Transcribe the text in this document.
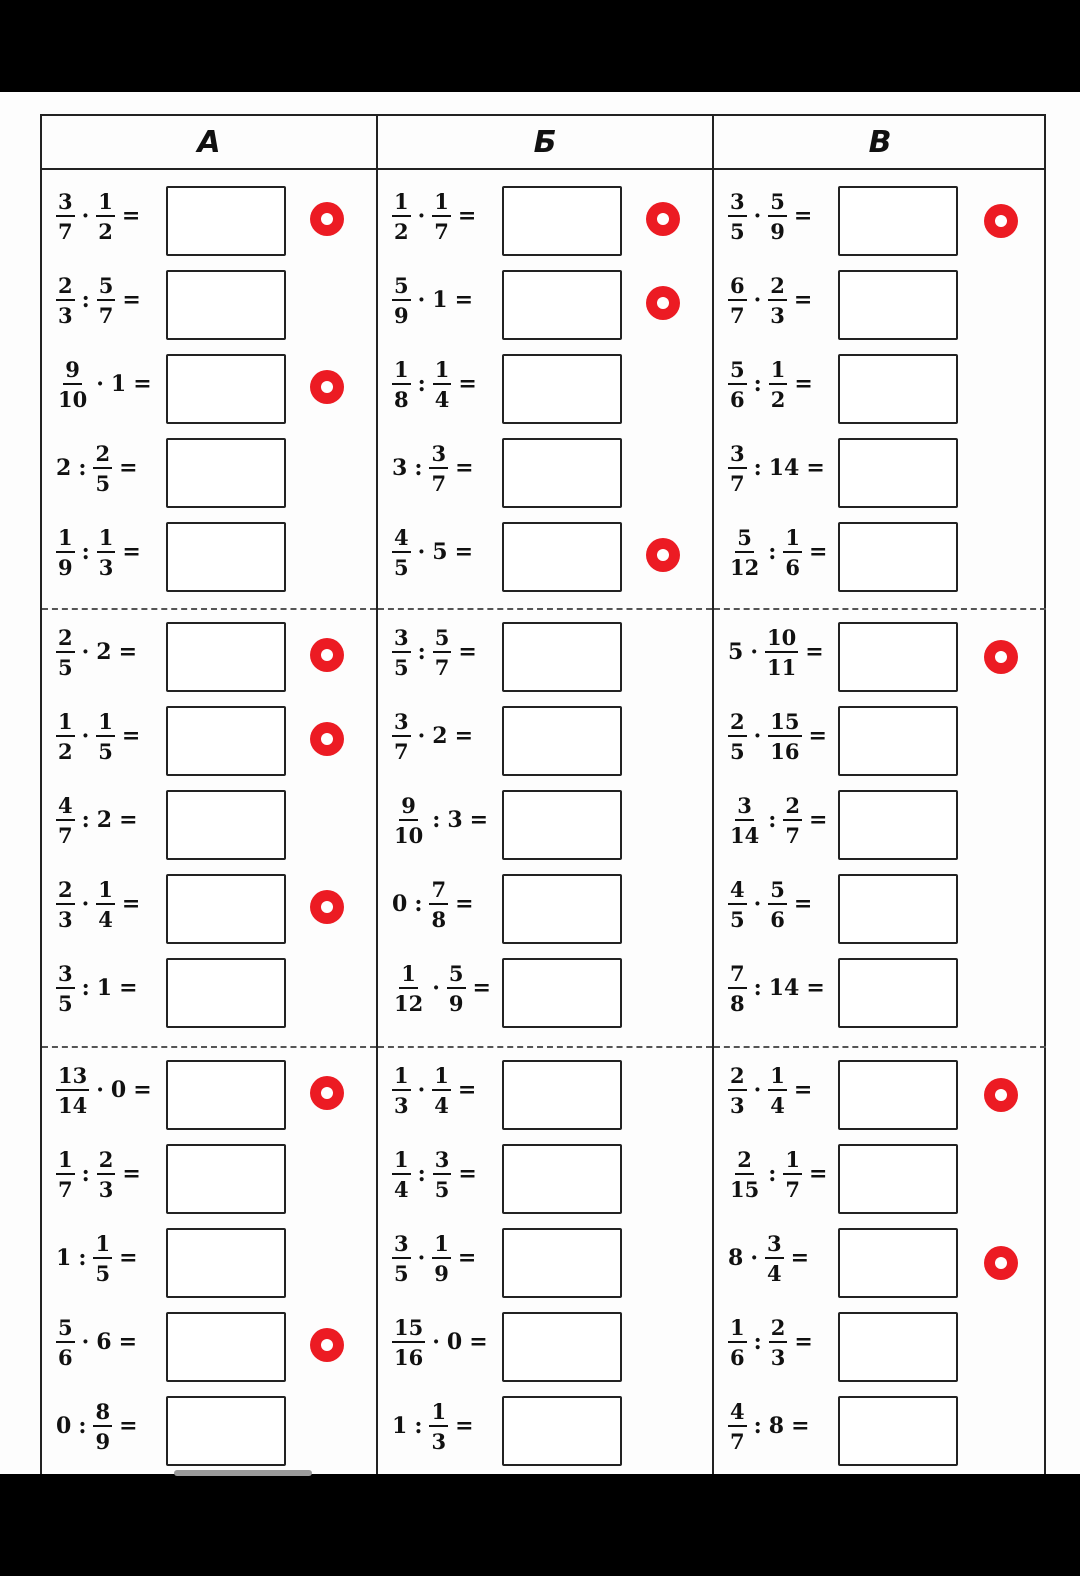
А
$\frac{3}{7} \cdot \frac{1}{2}$ =
$\frac{2}{3}$ : $\frac{5}{7}$ =
$\frac{9}{10} \cdot 1$ =
2 : $\frac{2}{5}$ =
$\frac{1}{9}$ : $\frac{1}{3}$ =
$\frac{2}{5} \cdot 2$ =
$\frac{1}{2} \cdot \frac{1}{5}$ =
$\frac{4}{7}$ : 2 =
$\frac{2}{3} \cdot \frac{1}{4}$ =
$\frac{3}{5}$ : 1 =
$\frac{13}{14} \cdot 0$ =
$\frac{1}{7}$ : $\frac{2}{3}$ =
1 : $\frac{1}{5}$ =
$\frac{5}{6} \cdot 6$ =
0 : $\frac{8}{9}$ =
Б
$\frac{1}{2} \cdot \frac{1}{7}$ =
$\frac{5}{9} \cdot 1$ =
$\frac{1}{8}$ : $\frac{1}{4}$ =
3 : $\frac{3}{7}$ =
$\frac{4}{5} \cdot 5$ =
$\frac{3}{5}$ : $\frac{5}{7}$ =
$\frac{3}{7} \cdot 2$ =
$\frac{9}{10}$ : 3 =
0 : $\frac{7}{8}$ =
$\frac{1}{12} \cdot \frac{5}{9}$ =
$\frac{1}{3} \cdot \frac{1}{4}$ =
$\frac{1}{4}$ : $\frac{3}{5}$ =
$\frac{3}{5} \cdot \frac{1}{9}$ =
$\frac{15}{16} \cdot 0$ =
1 : $\frac{1}{3}$ =
В
$\frac{3}{5} \cdot \frac{5}{9}$ =
$\frac{6}{7} \cdot \frac{2}{3}$ =
$\frac{5}{6}$ : $\frac{1}{2}$ =
$\frac{3}{7}$ : 14 =
$\frac{5}{12}$ : $\frac{1}{6}$ =
$5 \cdot \frac{10}{11}$ =
$\frac{2}{5} \cdot \frac{15}{16}$ =
$\frac{3}{14}$ : $\frac{2}{7}$ =
$\frac{4}{5} \cdot \frac{5}{6}$ =
$\frac{7}{8}$ : 14 =
$\frac{2}{3} \cdot \frac{1}{4}$ =
$\frac{2}{15}$ : $\frac{1}{7}$ =
$8 \cdot \frac{3}{4}$ =
$\frac{1}{6}$ : $\frac{2}{3}$ =
$\frac{4}{7}$ : 8 =
